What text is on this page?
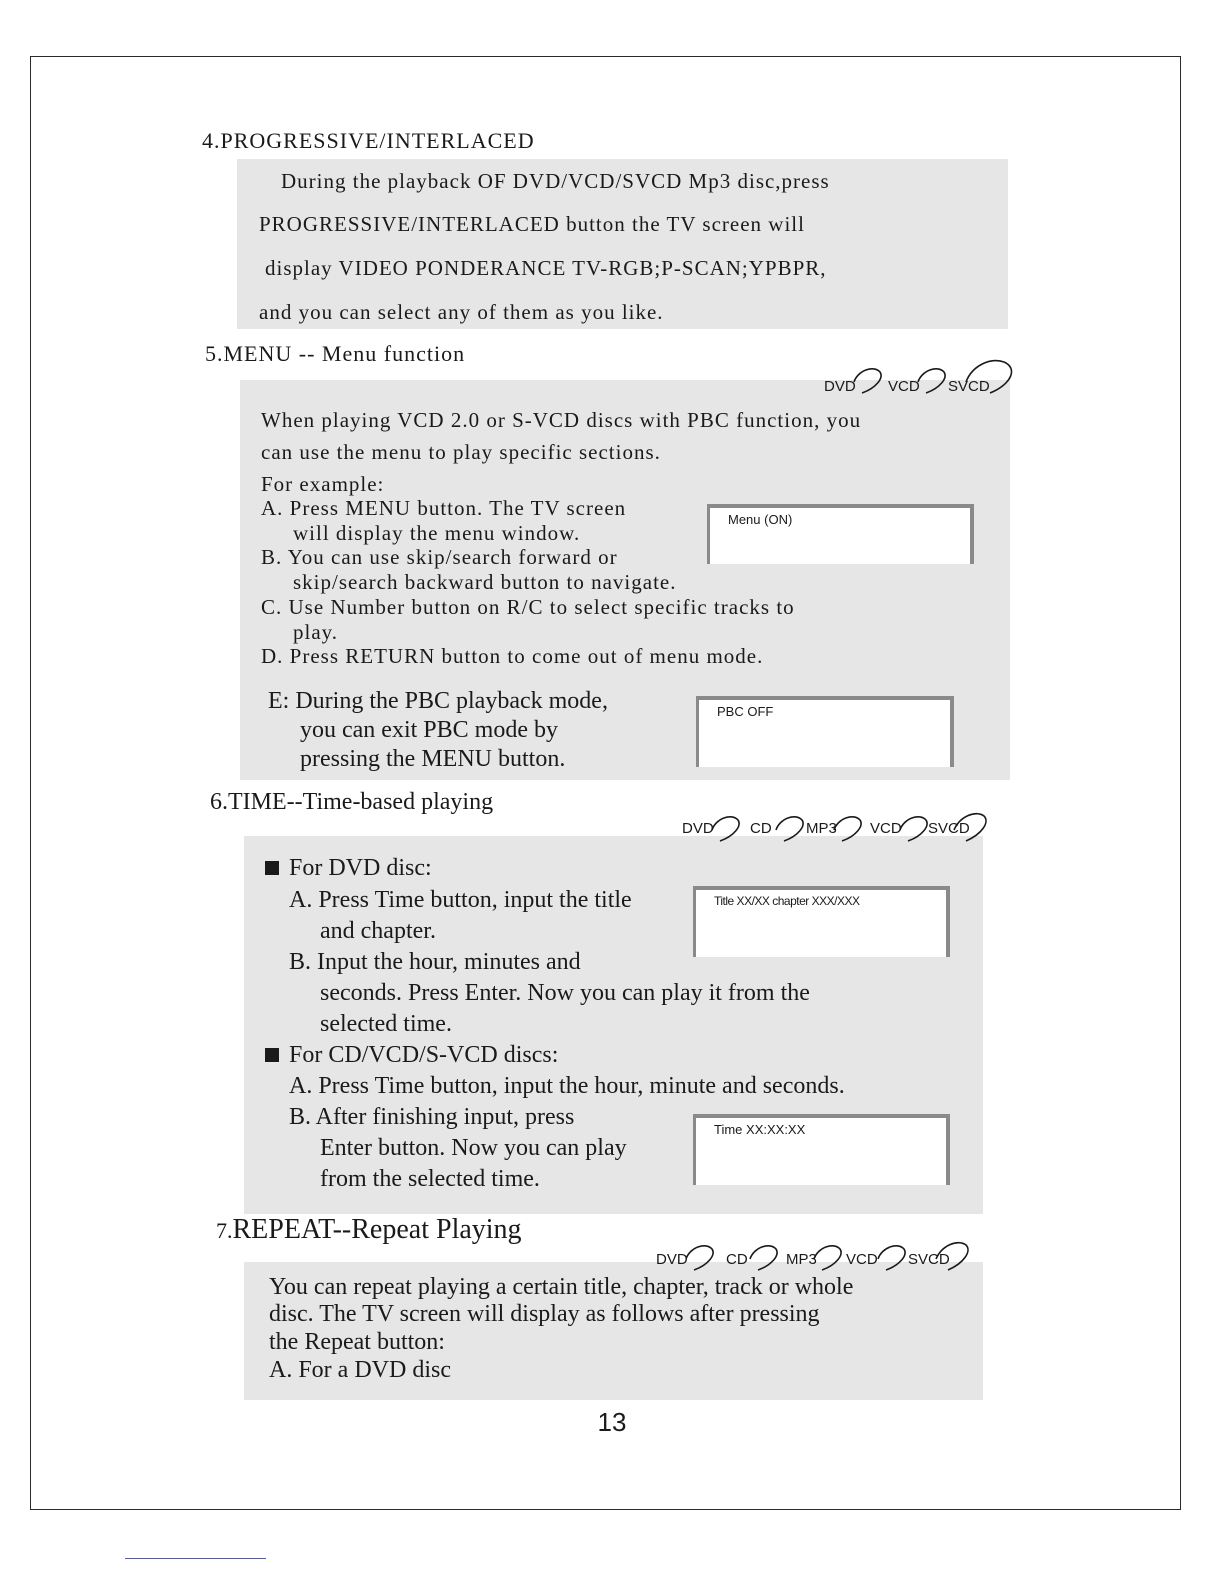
4.PROGRESSIVE/INTERLACED
During the playback OF DVD/VCD/SVCD Mp3 disc,press
PROGRESSIVE/INTERLACED button the TV screen will
display VIDEO PONDERANCE TV-RGB;P-SCAN;YPBPR,
and you can select any of them as you like.
5.MENU -- Menu function
When playing VCD 2.0 or S-VCD discs with PBC function, you
can use the menu to play specific sections.
For example:
A. Press MENU button. The TV screen
will display the menu window.
B. You can use skip/search forward or
skip/search backward button to navigate.
C. Use Number button on R/C to select specific tracks to
play.
D. Press RETURN button to come out of menu mode.
Menu (ON)
E: During the PBC playback mode,
you can exit PBC mode by
pressing the MENU button.
PBC OFF
DVD VCD SVCD
6.TIME--Time-based playing
For DVD disc:
A. Press Time button, input the title
and chapter.
B. Input the hour, minutes and
seconds. Press Enter. Now you can play it from the
selected time.
Title XX/XX chapter XXX/XXX
For CD/VCD/S-VCD discs:
A. Press Time button, input the hour, minute and seconds.
B. After finishing input, press
Enter button. Now you can play
from the selected time.
Time XX:XX:XX
DVD CD MP3 VCD SVCD
7.REPEAT--Repeat Playing
You can repeat playing a certain title, chapter, track or whole
disc. The TV screen will display as follows after pressing
the Repeat button:
A. For a DVD disc
DVD	CD	MP3 VCD SVCD
13
